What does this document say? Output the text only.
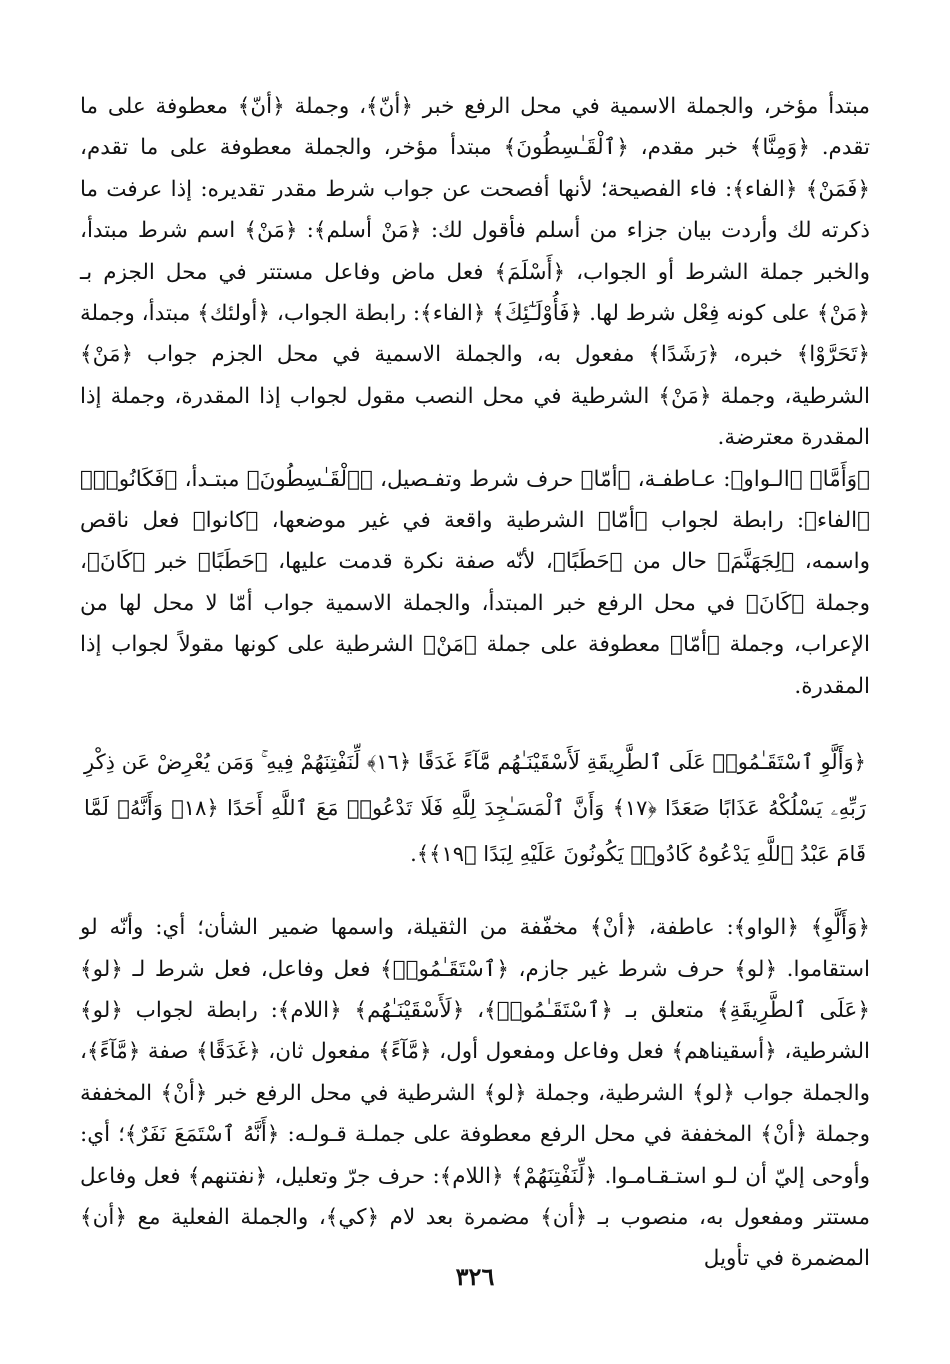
مبتدأ مؤخر، والجملة الاسمية في محل الرفع خبر ﴿أنّ﴾، وجملة ﴿أنّ﴾ معطوفة على ما تقدم. ﴿وَمِنَّا﴾ خبر مقدم، ﴿ٱلْقَـٰسِطُونَ﴾ مبتدأ مؤخر، والجملة معطوفة على ما تقدم، ﴿فَمَنْ﴾ ﴿الفاء﴾: فاء الفصيحة؛ لأنها أفصحت عن جواب شرط مقدر تقديره: إذا عرفت ما ذكرته لك وأردت بيان جزاء من أسلم فأقول لك: ﴿مَنْ أسلم﴾: ﴿مَنْ﴾ اسم شرط مبتدأ، والخبر جملة الشرط أو الجواب، ﴿أَسْلَمَ﴾ فعل ماض وفاعل مستتر في محل الجزم بـ ﴿مَنْ﴾ على كونه فِعْل شرط لها. ﴿فَأُوْلَـٰٓئِكَ﴾ ﴿الفاء﴾: رابطة الجواب، ﴿أولئك﴾ مبتدأ، وجملة ﴿تَحَرَّوْا﴾ خبره، ﴿رَشَدًا﴾ مفعول به، والجملة الاسمية في محل الجزم جواب ﴿مَنْ﴾ الشرطية، وجملة ﴿مَنْ﴾ الشرطية في محل النصب مقول لجواب إذا المقدرة، وجملة إذا المقدرة معترضة.

﴿وَأَمَّا﴾ ﴿الـواو﴾: عـاطفـة، ﴿أمّا﴾ حرف شرط وتفـصيل، ﴿ٱلْقَـٰسِطُونَ﴾ مبتـدأ، ﴿فَكَانُوا۟﴾ ﴿الفاء﴾: رابطة لجواب ﴿أمّا﴾ الشرطية واقعة في غير موضعها، ﴿كانوا﴾ فعل ناقص واسمه، ﴿لِجَهَنَّمَ﴾ حال من ﴿حَطَبًا﴾، لأنّه صفة نكرة قدمت عليها، ﴿حَطَبًا﴾ خبر ﴿كَانَ﴾، وجملة ﴿كَانَ﴾ في محل الرفع خبر المبتدأ، والجملة الاسمية جواب أمّا لا محل لها من الإعراب، وجملة ﴿أمّا﴾ معطوفة على جملة ﴿مَنْ﴾ الشرطية على كونها مقولاً لجواب إذا المقدرة.

﴿وَأَلَّوِ ٱسْتَقَـٰمُوا۟ عَلَى ٱلطَّرِيقَةِ لَأَسْقَيْنَـٰهُم مَّآءً غَدَقًا ﴿١٦﴾ لِّنَفْتِنَهُمْ فِيهِ ۚ وَمَن يُعْرِضْ عَن ذِكْرِ رَبِّهِۦ يَسْلُكْهُ عَذَابًا صَعَدًا ﴿١٧﴾ وَأَنَّ ٱلْمَسَـٰجِدَ لِلَّهِ فَلَا تَدْعُوا۟ مَعَ ٱللَّهِ أَحَدًا ﴿١٨﴾ وَأَنَّهُۥ لَمَّا قَامَ عَبْدُ ٱللَّهِ يَدْعُوهُ كَادُوا۟ يَكُونُونَ عَلَيْهِ لِبَدًا ﴿١٩﴾﴾.

﴿وَأَلَّوِ﴾ ﴿الواو﴾: عاطفة، ﴿أنْ﴾ مخفّفة من الثقيلة، واسمها ضمير الشأن؛ أي: وأنّه لو استقاموا. ﴿لو﴾ حرف شرط غير جازم، ﴿ٱسْتَقَـٰمُوا۟﴾ فعل وفاعل، فعل شرط لـ ﴿لو﴾ ﴿عَلَى ٱلطَّرِيقَةِ﴾ متعلق بـ ﴿ٱسْتَقَـٰمُوا۟﴾، ﴿لَأَسْقَيْنَـٰهُم﴾ ﴿اللام﴾: رابطة لجواب ﴿لو﴾ الشرطية، ﴿أسقيناهم﴾ فعل وفاعل ومفعول أول، ﴿مَّآءً﴾ مفعول ثان، ﴿غَدَقًا﴾ صفة ﴿مَّآءً﴾، والجملة جواب ﴿لو﴾ الشرطية، وجملة ﴿لو﴾ الشرطية في محل الرفع خبر ﴿أنْ﴾ المخففة وجملة ﴿أنْ﴾ المخففة في محل الرفع معطوفة على جملـة قـولـه: ﴿أَنَّهُ ٱسْتَمَعَ نَفَرٌ﴾؛ أي: وأوحى إليّ أن لـو استـقـامـوا. ﴿لِّنَفْتِنَهُمْ﴾ ﴿اللام﴾: حرف جرّ وتعليل، ﴿نفتنهم﴾ فعل وفاعل مستتر ومفعول به، منصوب بـ ﴿أن﴾ مضمرة بعد لام ﴿كي﴾، والجملة الفعلية مع ﴿أن﴾ المضمرة في تأويل

٣٢٦
